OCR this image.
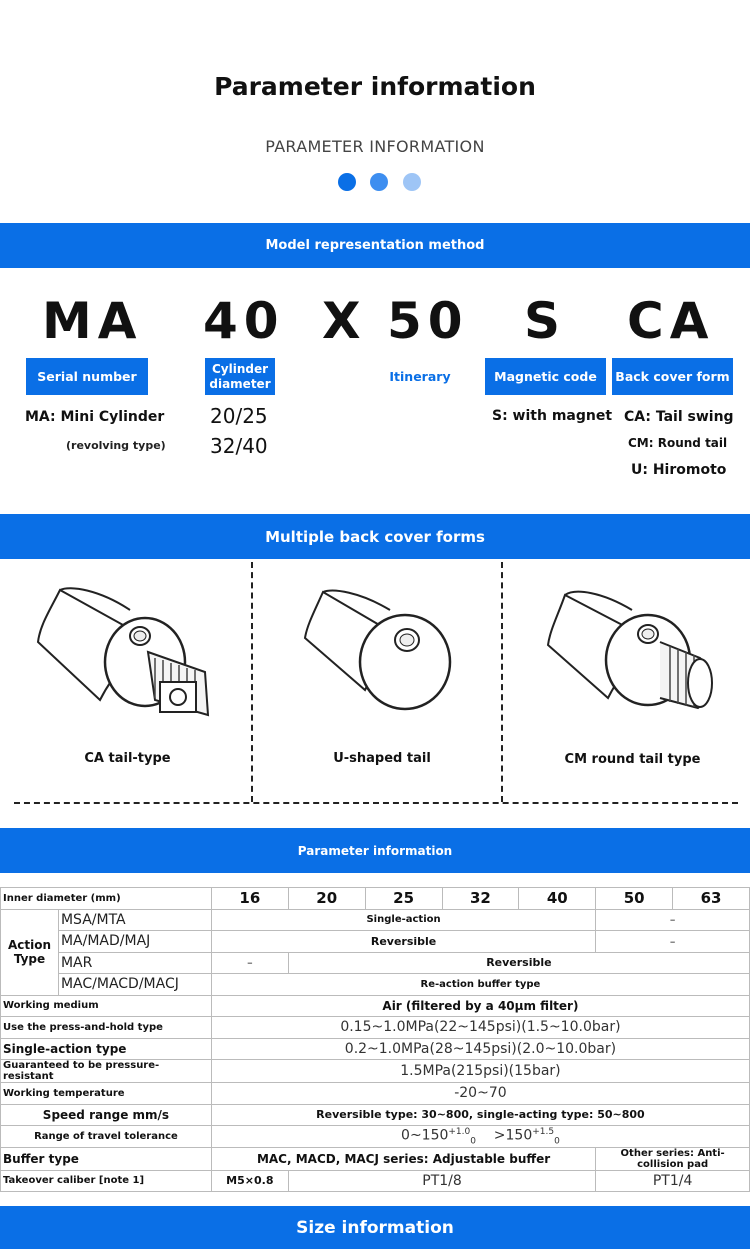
Parameter information
PARAMETER INFORMATION
Model representation method
MA 40 X 50 S CA
Serial number	Cylinder diameter	Itinerary	Magnetic code	Back cover form
MA: Mini Cylinder
(revolving type)
20/25
32/40
S: with magnet CA: Tail swing
CM: Round tail
U: Hiromoto
Multiple back cover forms
CA tail-type	U-shaped tail	CM round tail type
Parameter information
Inner diameter (mm)		16	20	25	32	40	50	63
Action Type	MSA/MTA	Single-action					–	
	MA/MAD/MAJ	Reversible					–	
	MAR	–	Reversible					
	MAC/MACD/MACJ	Re-action buffer type						
Working medium		Air (filtered by a 40μm filter)						
Use the press-and-hold type		0.15~1.0MPa(22~145psi)(1.5~10.0bar)						
Single-action type		0.2~1.0MPa(28~145psi)(2.0~10.0bar)						
Guaranteed to be pressure-resistant		1.5MPa(215psi)(15bar)						
Working temperature		-20~70						
Speed range mm/s		Reversible type: 30~800, single-acting type: 50~800						
Range of travel tolerance		$0\sim 150^{+1.0}_0 >150^{+1.5}_0$
Buffer type		MAC, MACD, MACJ series: Adjustable buffer					Other series: Anti-collision pad	
Takeover caliber [note 1]		M5×0.8	PT1/8				PT1/4	
Size information
